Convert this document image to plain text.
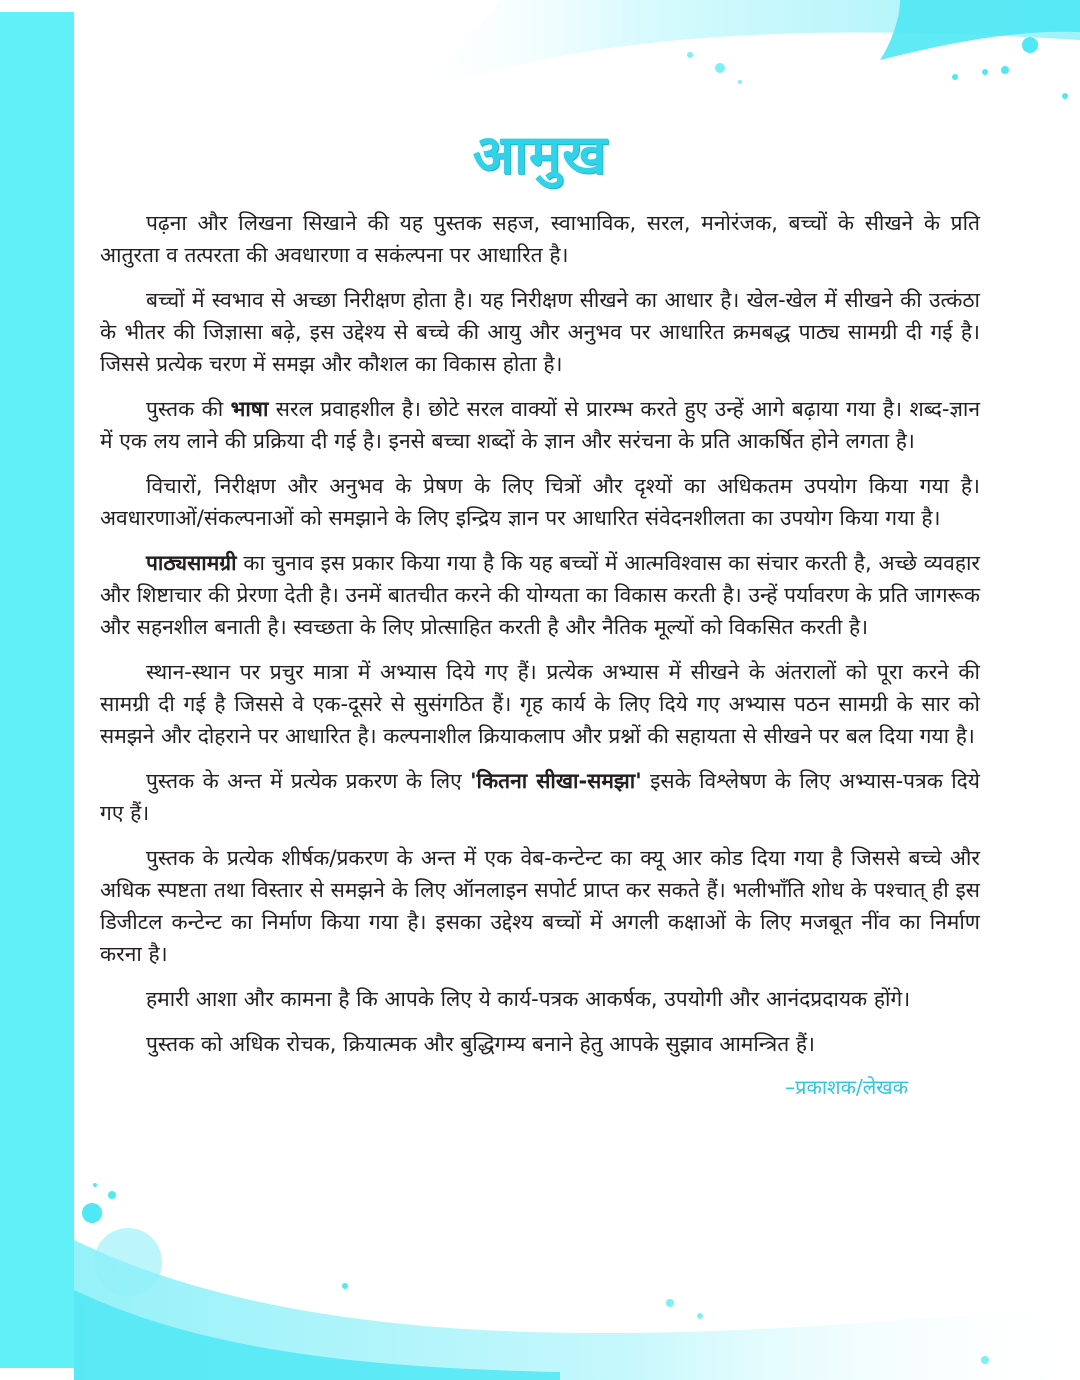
आमुख

पढ़ना और लिखना सिखाने की यह पुस्तक सहज, स्वाभाविक, सरल, मनोरंजक, बच्चों के सीखने के प्रति आतुरता व तत्परता की अवधारणा व सकंल्पना पर आधारित है।

बच्चों में स्वभाव से अच्छा निरीक्षण होता है। यह निरीक्षण सीखने का आधार है। खेल-खेल में सीखने की उत्कंठा के भीतर की जिज्ञासा बढ़े, इस उद्देश्य से बच्चे की आयु और अनुभव पर आधारित क्रमबद्ध पाठ्य सामग्री दी गई है। जिससे प्रत्येक चरण में समझ और कौशल का विकास होता है।

पुस्तक की भाषा सरल प्रवाहशील है। छोटे सरल वाक्यों से प्रारम्भ करते हुए उन्हें आगे बढ़ाया गया है। शब्द-ज्ञान में एक लय लाने की प्रक्रिया दी गई है। इनसे बच्चा शब्दों के ज्ञान और सरंचना के प्रति आकर्षित होने लगता है।

विचारों, निरीक्षण और अनुभव के प्रेषण के लिए चित्रों और दृश्यों का अधिकतम उपयोग किया गया है। अवधारणाओं/संकल्पनाओं को समझाने के लिए इन्द्रिय ज्ञान पर आधारित संवेदनशीलता का उपयोग किया गया है।

पाठ्यसामग्री का चुनाव इस प्रकार किया गया है कि यह बच्चों में आत्मविश्वास का संचार करती है, अच्छे व्यवहार और शिष्टाचार की प्रेरणा देती है। उनमें बातचीत करने की योग्यता का विकास करती है। उन्हें पर्यावरण के प्रति जागरूक और सहनशील बनाती है। स्वच्छता के लिए प्रोत्साहित करती है और नैतिक मूल्यों को विकसित करती है।

स्थान-स्थान पर प्रचुर मात्रा में अभ्यास दिये गए हैं। प्रत्येक अभ्यास में सीखने के अंतरालों को पूरा करने की सामग्री दी गई है जिससे वे एक-दूसरे से सुसंगठित हैं। गृह कार्य के लिए दिये गए अभ्यास पठन सामग्री के सार को समझने और दोहराने पर आधारित है। कल्पनाशील क्रियाकलाप और प्रश्नों की सहायता से सीखने पर बल दिया गया है।

पुस्तक के अन्त में प्रत्येक प्रकरण के लिए 'कितना सीखा-समझा' इसके विश्लेषण के लिए अभ्यास-पत्रक दिये गए हैं।

पुस्तक के प्रत्येक शीर्षक/प्रकरण के अन्त में एक वेब-कन्टेन्ट का क्यू आर कोड दिया गया है जिससे बच्चे और अधिक स्पष्टता तथा विस्तार से समझने के लिए ऑनलाइन सपोर्ट प्राप्त कर सकते हैं। भलीभाँति शोध के पश्चात् ही इस डिजीटल कन्टेन्ट का निर्माण किया गया है। इसका उद्देश्य बच्चों में अगली कक्षाओं के लिए मजबूत नींव का निर्माण करना है।

हमारी आशा और कामना है कि आपके लिए ये कार्य-पत्रक आकर्षक, उपयोगी और आनंदप्रदायक होंगे।

पुस्तक को अधिक रोचक, क्रियात्मक और बुद्धिगम्य बनाने हेतु आपके सुझाव आमन्त्रित हैं।

–प्रकाशक/लेखक
